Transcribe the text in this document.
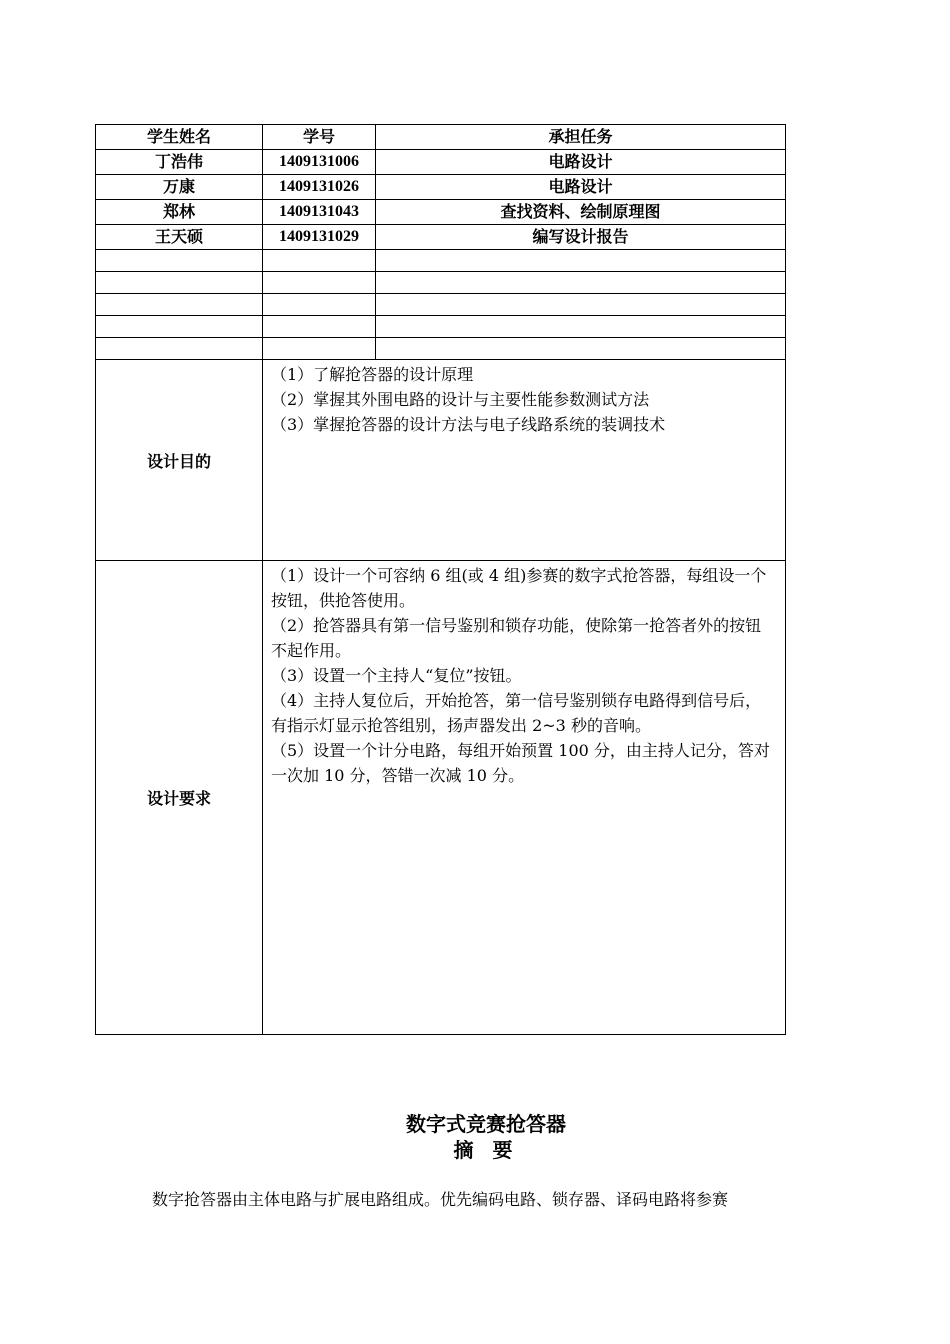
学生姓名	学号	承担任务
丁浩伟	1409131006	电路设计
万康	1409131026	电路设计
郑林	1409131043	查找资料、绘制原理图
王天硕	1409131029	编写设计报告

设计目的	（1）了解抢答器的设计原理

（2）掌握其外围电路的设计与主要性能参数测试方法

（3）掌握抢答器的设计方法与电子线路系统的装调技术	

设计要求	（1）设计一个可容纳 6 组(或 4 组)参赛的数字式抢答器，每组设一个按钮，供抢答使用。

（2）抢答器具有第一信号鉴别和锁存功能，使除第一抢答者外的按钮不起作用。

（3）设置一个主持人“复位”按钮。

（4）主持人复位后，开始抢答，第一信号鉴别锁存电路得到信号后，有指示灯显示抢答组别，扬声器发出 2~3 秒的音响。

（5）设置一个计分电路，每组开始预置 100 分，由主持人记分，答对一次加 10 分，答错一次减 10 分。	

数字式竞赛抢答器
摘 要

数字抢答器由主体电路与扩展电路组成。优先编码电路、锁存器、译码电路将参赛
